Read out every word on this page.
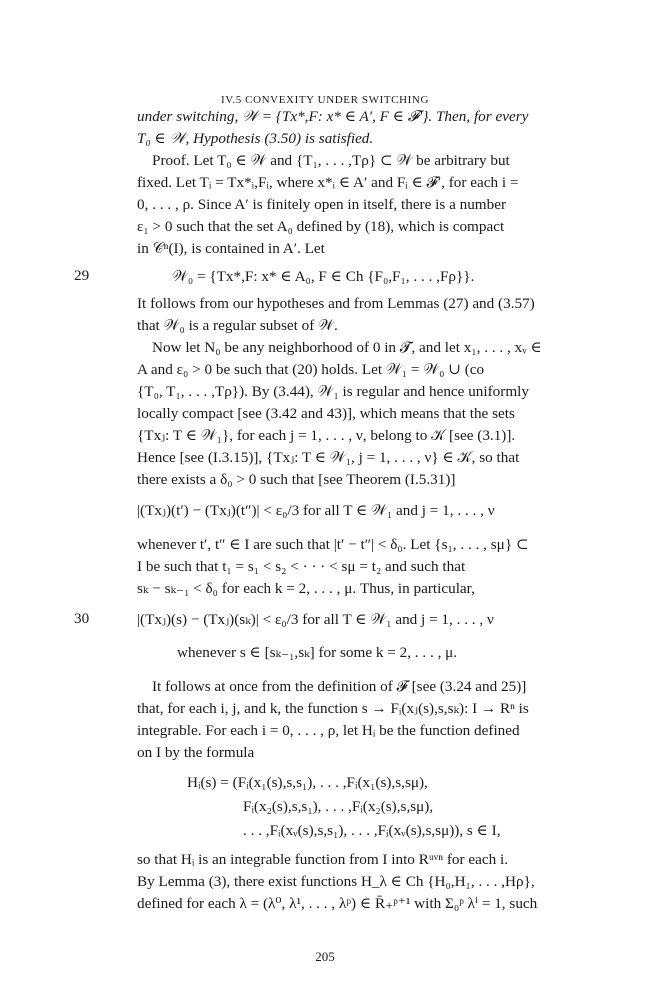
IV.5 CONVEXITY UNDER SWITCHING
under switching, 𝒲 = {Tx*,F: x* ∈ A′, F ∈ 𝓕′}. Then, for every
T₀ ∈ 𝒲, Hypothesis (3.50) is satisfied.
Proof. Let T₀ ∈ 𝒲 and {T₁, . . . ,Tρ} ⊂ 𝒲 be arbitrary but
fixed. Let Tᵢ = Tx*ᵢ,Fᵢ, where x*ᵢ ∈ A′ and Fᵢ ∈ 𝓕′, for each i =
0, . . . , ρ. Since A′ is finitely open in itself, there is a number
ε₁ > 0 such that the set A₀ defined by (18), which is compact
in 𝒞ⁿ(I), is contained in A′. Let
𝒲₀ = {Tx*,F: x* ∈ A₀, F ∈ Ch {F₀,F₁, . . . ,Fρ}}.
It follows from our hypotheses and from Lemmas (27) and (3.57)
that 𝒲₀ is a regular subset of 𝒲.
Now let N₀ be any neighborhood of 0 in 𝓣, and let x₁, . . . , xᵥ ∈
A and ε₀ > 0 be such that (20) holds. Let 𝒲₁ = 𝒲₀ ∪ (co
{T₀, T₁, . . . ,Tρ}). By (3.44), 𝒲₁ is regular and hence uniformly
locally compact [see (3.42 and 43)], which means that the sets
{Txⱼ: T ∈ 𝒲₁}, for each j = 1, . . . , ν, belong to 𝒦 [see (3.1)].
Hence [see (I.3.15)], {Txⱼ: T ∈ 𝒲₁, j = 1, . . . , ν} ∈ 𝒦, so that
there exists a δ₀ > 0 such that [see Theorem (I.5.31)]
|(Txⱼ)(t′) − (Txⱼ)(t″)| < ε₀/3 for all T ∈ 𝒲₁ and j = 1, . . . , ν
whenever t′, t″ ∈ I are such that |t′ − t″| < δ₀. Let {s₁, . . . , sμ} ⊂
I be such that t₁ = s₁ < s₂ < · · · < sμ = t₂ and such that
sₖ − sₖ₋₁ < δ₀ for each k = 2, . . . , μ. Thus, in particular,
|(Txⱼ)(s) − (Txⱼ)(sₖ)| < ε₀/3 for all T ∈ 𝒲₁ and j = 1, . . . , ν
whenever s ∈ [sₖ₋₁,sₖ] for some k = 2, . . . , μ.
It follows at once from the definition of 𝓕 [see (3.24 and 25)]
that, for each i, j, and k, the function s → Fᵢ(xⱼ(s),s,sₖ): I → Rⁿ is
integrable. For each i = 0, . . . , ρ, let Hᵢ be the function defined
on I by the formula
Hᵢ(s) = (Fᵢ(x₁(s),s,s₁), . . . ,Fᵢ(x₁(s),s,sμ),
Fᵢ(x₂(s),s,s₁), . . . ,Fᵢ(x₂(s),s,sμ),
. . . ,Fᵢ(xᵥ(s),s,s₁), . . . ,Fᵢ(xᵥ(s),s,sμ)), s ∈ I,
so that Hᵢ is an integrable function from I into Rᵘᵛⁿ for each i.
By Lemma (3), there exist functions H_λ ∈ Ch {H₀,H₁, . . . ,Hρ},
defined for each λ = (λ⁰, λ¹, . . . , λᵖ) ∈ R̄₊ᵖ⁺¹ with Σ₀ᵖ λⁱ = 1, such
29
30
205
